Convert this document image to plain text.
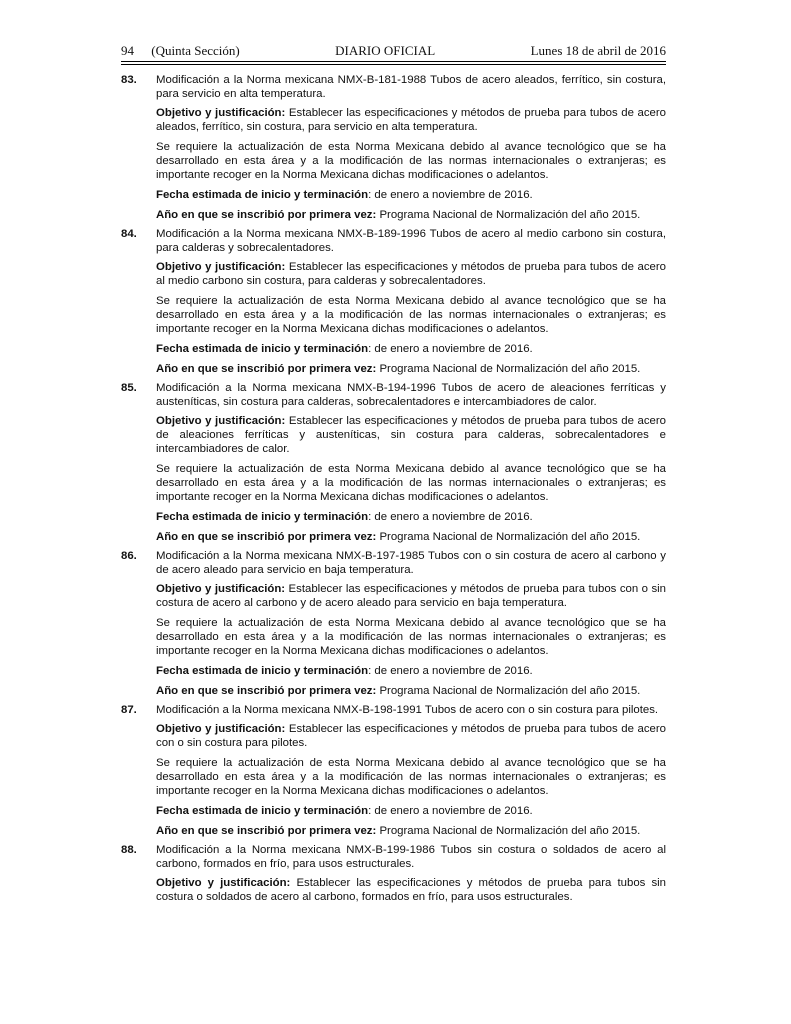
94 (Quinta Sección)	DIARIO OFICIAL	Lunes 18 de abril de 2016
83. Modificación a la Norma mexicana NMX-B-181-1988 Tubos de acero aleados, ferrítico, sin costura, para servicio en alta temperatura.

Objetivo y justificación: Establecer las especificaciones y métodos de prueba para tubos de acero aleados, ferrítico, sin costura, para servicio en alta temperatura.

Se requiere la actualización de esta Norma Mexicana debido al avance tecnológico que se ha desarrollado en esta área y a la modificación de las normas internacionales o extranjeras; es importante recoger en la Norma Mexicana dichas modificaciones o adelantos.

Fecha estimada de inicio y terminación: de enero a noviembre de 2016.

Año en que se inscribió por primera vez: Programa Nacional de Normalización del año 2015.

84. Modificación a la Norma mexicana NMX-B-189-1996 Tubos de acero al medio carbono sin costura, para calderas y sobrecalentadores.

Objetivo y justificación: Establecer las especificaciones y métodos de prueba para tubos de acero al medio carbono sin costura, para calderas y sobrecalentadores.

Se requiere la actualización de esta Norma Mexicana debido al avance tecnológico que se ha desarrollado en esta área y a la modificación de las normas internacionales o extranjeras; es importante recoger en la Norma Mexicana dichas modificaciones o adelantos.

Fecha estimada de inicio y terminación: de enero a noviembre de 2016.

Año en que se inscribió por primera vez: Programa Nacional de Normalización del año 2015.

85. Modificación a la Norma mexicana NMX-B-194-1996 Tubos de acero de aleaciones ferríticas y austeníticas, sin costura para calderas, sobrecalentadores e intercambiadores de calor.

Objetivo y justificación: Establecer las especificaciones y métodos de prueba para tubos de acero de aleaciones ferríticas y austeníticas, sin costura para calderas, sobrecalentadores e intercambiadores de calor.

Se requiere la actualización de esta Norma Mexicana debido al avance tecnológico que se ha desarrollado en esta área y a la modificación de las normas internacionales o extranjeras; es importante recoger en la Norma Mexicana dichas modificaciones o adelantos.

Fecha estimada de inicio y terminación: de enero a noviembre de 2016.

Año en que se inscribió por primera vez: Programa Nacional de Normalización del año 2015.

86. Modificación a la Norma mexicana NMX-B-197-1985 Tubos con o sin costura de acero al carbono y de acero aleado para servicio en baja temperatura.

Objetivo y justificación: Establecer las especificaciones y métodos de prueba para tubos con o sin costura de acero al carbono y de acero aleado para servicio en baja temperatura.

Se requiere la actualización de esta Norma Mexicana debido al avance tecnológico que se ha desarrollado en esta área y a la modificación de las normas internacionales o extranjeras; es importante recoger en la Norma Mexicana dichas modificaciones o adelantos.

Fecha estimada de inicio y terminación: de enero a noviembre de 2016.

Año en que se inscribió por primera vez: Programa Nacional de Normalización del año 2015.

87. Modificación a la Norma mexicana NMX-B-198-1991 Tubos de acero con o sin costura para pilotes.

Objetivo y justificación: Establecer las especificaciones y métodos de prueba para tubos de acero con o sin costura para pilotes.

Se requiere la actualización de esta Norma Mexicana debido al avance tecnológico que se ha desarrollado en esta área y a la modificación de las normas internacionales o extranjeras; es importante recoger en la Norma Mexicana dichas modificaciones o adelantos.

Fecha estimada de inicio y terminación: de enero a noviembre de 2016.

Año en que se inscribió por primera vez: Programa Nacional de Normalización del año 2015.

88. Modificación a la Norma mexicana NMX-B-199-1986 Tubos sin costura o soldados de acero al carbono, formados en frío, para usos estructurales.

Objetivo y justificación: Establecer las especificaciones y métodos de prueba para tubos sin costura o soldados de acero al carbono, formados en frío, para usos estructurales.
